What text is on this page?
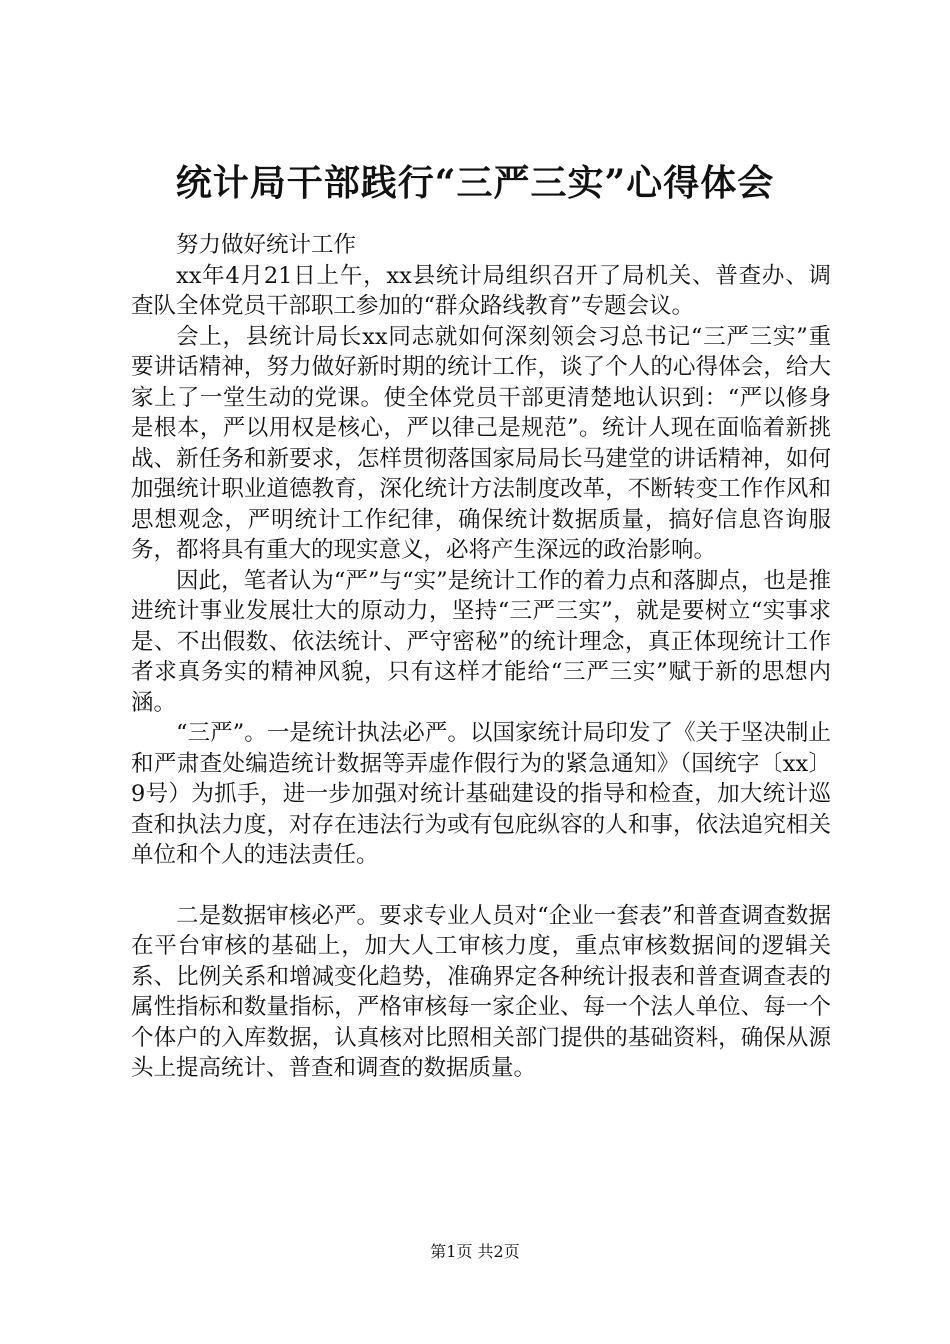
统计局干部践行“三严三实”心得体会

努力做好统计工作

xx年4月21日上午，xx县统计局组织召开了局机关、普查办、调查队全体党员干部职工参加的“群众路线教育”专题会议。

会上，县统计局长xx同志就如何深刻领会习总书记“三严三实”重要讲话精神，努力做好新时期的统计工作，谈了个人的心得体会，给大家上了一堂生动的党课。使全体党员干部更清楚地认识到：“严以修身是根本，严以用权是核心，严以律己是规范”。统计人现在面临着新挑战、新任务和新要求，怎样贯彻落国家局局长马建堂的讲话精神，如何加强统计职业道德教育，深化统计方法制度改革，不断转变工作作风和思想观念，严明统计工作纪律，确保统计数据质量，搞好信息咨询服务，都将具有重大的现实意义，必将产生深远的政治影响。

因此，笔者认为“严”与“实”是统计工作的着力点和落脚点，也是推进统计事业发展壮大的原动力，坚持“三严三实”，就是要树立“实事求是、不出假数、依法统计、严守密秘”的统计理念，真正体现统计工作者求真务实的精神风貌，只有这样才能给“三严三实”赋于新的思想内涵。

“三严”。一是统计执法必严。以国家统计局印发了《关于坚决制止和严肃查处编造统计数据等弄虚作假行为的紧急通知》（国统字〔xx〕9号）为抓手，进一步加强对统计基础建设的指导和检查，加大统计巡查和执法力度，对存在违法行为或有包庇纵容的人和事，依法追究相关单位和个人的违法责任。

二是数据审核必严。要求专业人员对“企业一套表”和普查调查数据在平台审核的基础上，加大人工审核力度，重点审核数据间的逻辑关系、比例关系和增减变化趋势，准确界定各种统计报表和普查调查表的属性指标和数量指标，严格审核每一家企业、每一个法人单位、每一个个体户的入库数据，认真核对比照相关部门提供的基础资料，确保从源头上提高统计、普查和调查的数据质量。

第1页 共2页
